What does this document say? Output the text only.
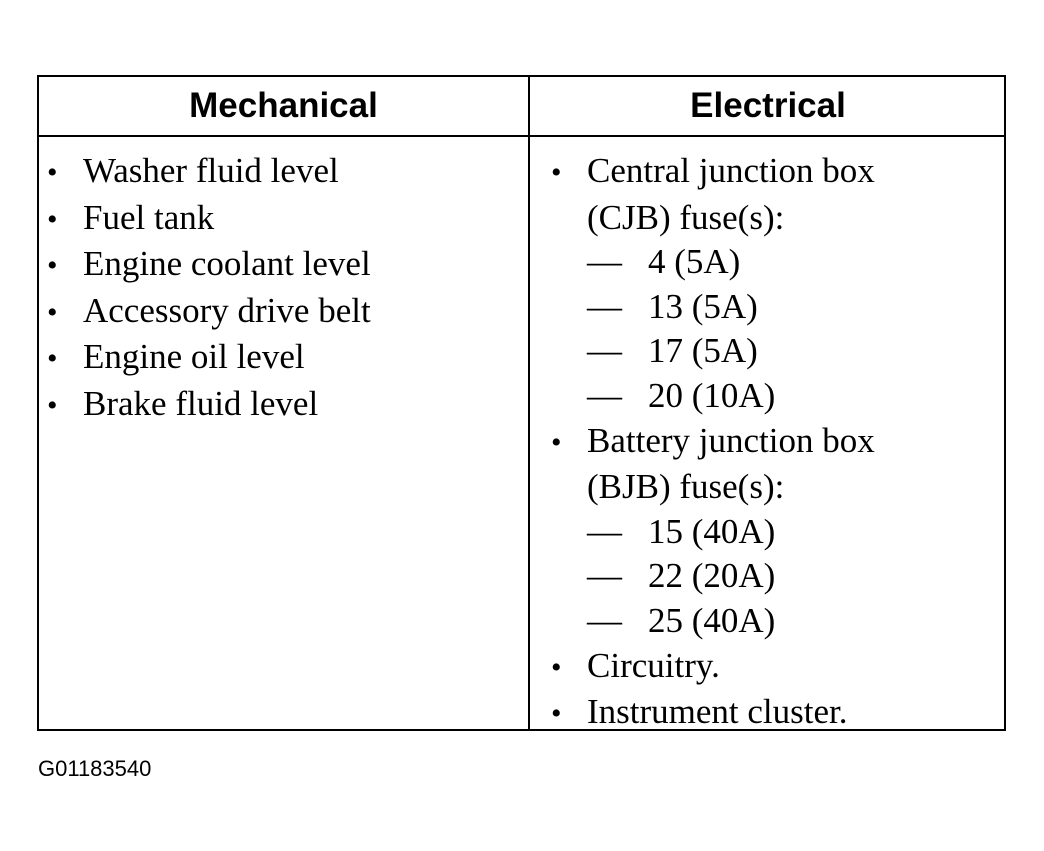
Mechanical	Electrical
• Washer fluid level
• Fuel tank
• Engine coolant level
• Accessory drive belt
• Engine oil level
• Brake fluid level
• Central junction box
(CJB) fuse(s):
— 4 (5A)
— 13 (5A)
— 17 (5A)
— 20 (10A)
• Battery junction box
(BJB) fuse(s):
— 15 (40A)
— 22 (20A)
— 25 (40A)
• Circuitry.
• Instrument cluster.
G01183540
